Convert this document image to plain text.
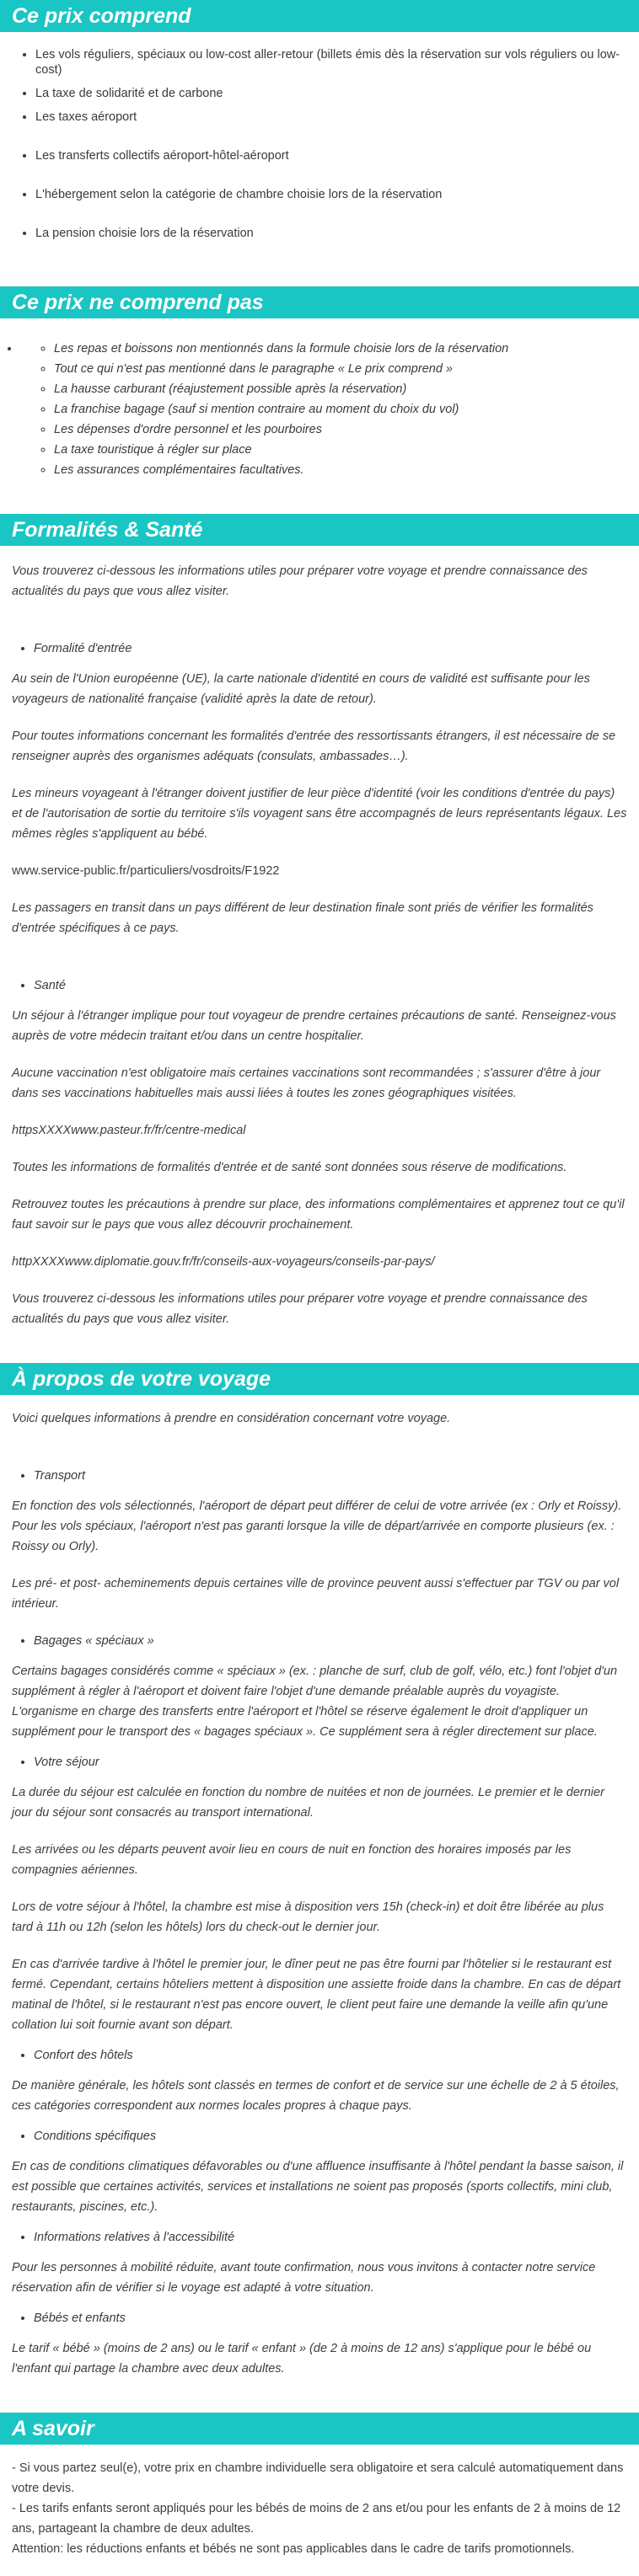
Ce prix comprend
• Les vols réguliers, spéciaux ou low-cost aller-retour (billets émis dès la réservation sur vols réguliers ou low-cost)
• La taxe de solidarité et de carbone
• Les taxes aéroport
• Les transferts collectifs aéroport-hôtel-aéroport
• L'hébergement selon la catégorie de chambre choisie lors de la réservation
• La pension choisie lors de la réservation
Ce prix ne comprend pas
◦ • Les repas et boissons non mentionnés dans la formule choisie lors de la réservation
◦ Tout ce qui n'est pas mentionné dans le paragraphe « Le prix comprend »
◦ La hausse carburant (réajustement possible après la réservation)
◦ La franchise bagage (sauf si mention contraire au moment du choix du vol)
◦ Les dépenses d'ordre personnel et les pourboires
◦ La taxe touristique à régler sur place
◦ Les assurances complémentaires facultatives.
Formalités & Santé

Vous trouverez ci-dessous les informations utiles pour préparer votre voyage et prendre connaissance des actualités du pays que vous allez visiter.

• Formalité d'entrée

Au sein de l'Union européenne (UE), la carte nationale d'identité en cours de validité est suffisante pour les voyageurs de nationalité française (validité après la date de retour).

Pour toutes informations concernant les formalités d'entrée des ressortissants étrangers, il est nécessaire de se renseigner auprès des organismes adéquats (consulats, ambassades…).

Les mineurs voyageant à l'étranger doivent justifier de leur pièce d'identité (voir les conditions d'entrée du pays) et de l'autorisation de sortie du territoire s'ils voyagent sans être accompagnés de leurs représentants légaux. Les mêmes règles s'appliquent au bébé.

www.service-public.fr/particuliers/vosdroits/F1922

Les passagers en transit dans un pays différent de leur destination finale sont priés de vérifier les formalités d'entrée spécifiques à ce pays.

• Santé

Un séjour à l'étranger implique pour tout voyageur de prendre certaines précautions de santé. Renseignez-vous auprès de votre médecin traitant et/ou dans un centre hospitalier.

Aucune vaccination n'est obligatoire mais certaines vaccinations sont recommandées ; s'assurer d'être à jour dans ses vaccinations habituelles mais aussi liées à toutes les zones géographiques visitées.

httpsXXXXwww.pasteur.fr/fr/centre-medical

Toutes les informations de formalités d'entrée et de santé sont données sous réserve de modifications.

Retrouvez toutes les précautions à prendre sur place, des informations complémentaires et apprenez tout ce qu'il faut savoir sur le pays que vous allez découvrir prochainement.

httpXXXXwww.diplomatie.gouv.fr/fr/conseils-aux-voyageurs/conseils-par-pays/

Vous trouverez ci-dessous les informations utiles pour préparer votre voyage et prendre connaissance des actualités du pays que vous allez visiter.

À propos de votre voyage

Voici quelques informations à prendre en considération concernant votre voyage.

• Transport

En fonction des vols sélectionnés, l'aéroport de départ peut différer de celui de votre arrivée (ex : Orly et Roissy). Pour les vols spéciaux, l'aéroport n'est pas garanti lorsque la ville de départ/arrivée en comporte plusieurs (ex. : Roissy ou Orly).

Les pré- et post- acheminements depuis certaines ville de province peuvent aussi s'effectuer par TGV ou par vol intérieur.

• Bagages « spéciaux »

Certains bagages considérés comme « spéciaux » (ex. : planche de surf, club de golf, vélo, etc.) font l'objet d'un supplément à régler à l'aéroport et doivent faire l'objet d'une demande préalable auprès du voyagiste. L'organisme en charge des transferts entre l'aéroport et l'hôtel se réserve également le droit d'appliquer un supplément pour le transport des « bagages spéciaux ». Ce supplément sera à régler directement sur place.

• Votre séjour

La durée du séjour est calculée en fonction du nombre de nuitées et non de journées. Le premier et le dernier jour du séjour sont consacrés au transport international.

Les arrivées ou les départs peuvent avoir lieu en cours de nuit en fonction des horaires imposés par les compagnies aériennes.

Lors de votre séjour à l'hôtel, la chambre est mise à disposition vers 15h (check-in) et doit être libérée au plus tard à 11h ou 12h (selon les hôtels) lors du check-out le dernier jour.

En cas d'arrivée tardive à l'hôtel le premier jour, le dîner peut ne pas être fourni par l'hôtelier si le restaurant est fermé. Cependant, certains hôteliers mettent à disposition une assiette froide dans la chambre. En cas de départ matinal de l'hôtel, si le restaurant n'est pas encore ouvert, le client peut faire une demande la veille afin qu'une collation lui soit fournie avant son départ.

• Confort des hôtels

De manière générale, les hôtels sont classés en termes de confort et de service sur une échelle de 2 à 5 étoiles, ces catégories correspondent aux normes locales propres à chaque pays.

• Conditions spécifiques

En cas de conditions climatiques défavorables ou d'une affluence insuffisante à l'hôtel pendant la basse saison, il est possible que certaines activités, services et installations ne soient pas proposés (sports collectifs, mini club, restaurants, piscines, etc.).

• Informations relatives à l'accessibilité

Pour les personnes à mobilité réduite, avant toute confirmation, nous vous invitons à contacter notre service réservation afin de vérifier si le voyage est adapté à votre situation.

• Bébés et enfants

Le tarif « bébé » (moins de 2 ans) ou le tarif « enfant » (de 2 à moins de 12 ans) s'applique pour le bébé ou l'enfant qui partage la chambre avec deux adultes.

A savoir

- Si vous partez seul(e), votre prix en chambre individuelle sera obligatoire et sera calculé automatiquement dans votre devis.

- Les tarifs enfants seront appliqués pour les bébés de moins de 2 ans et/ou pour les enfants de 2 à moins de 12 ans, partageant la chambre de deux adultes.

Attention: les réductions enfants et bébés ne sont pas applicables dans le cadre de tarifs promotionnels.
